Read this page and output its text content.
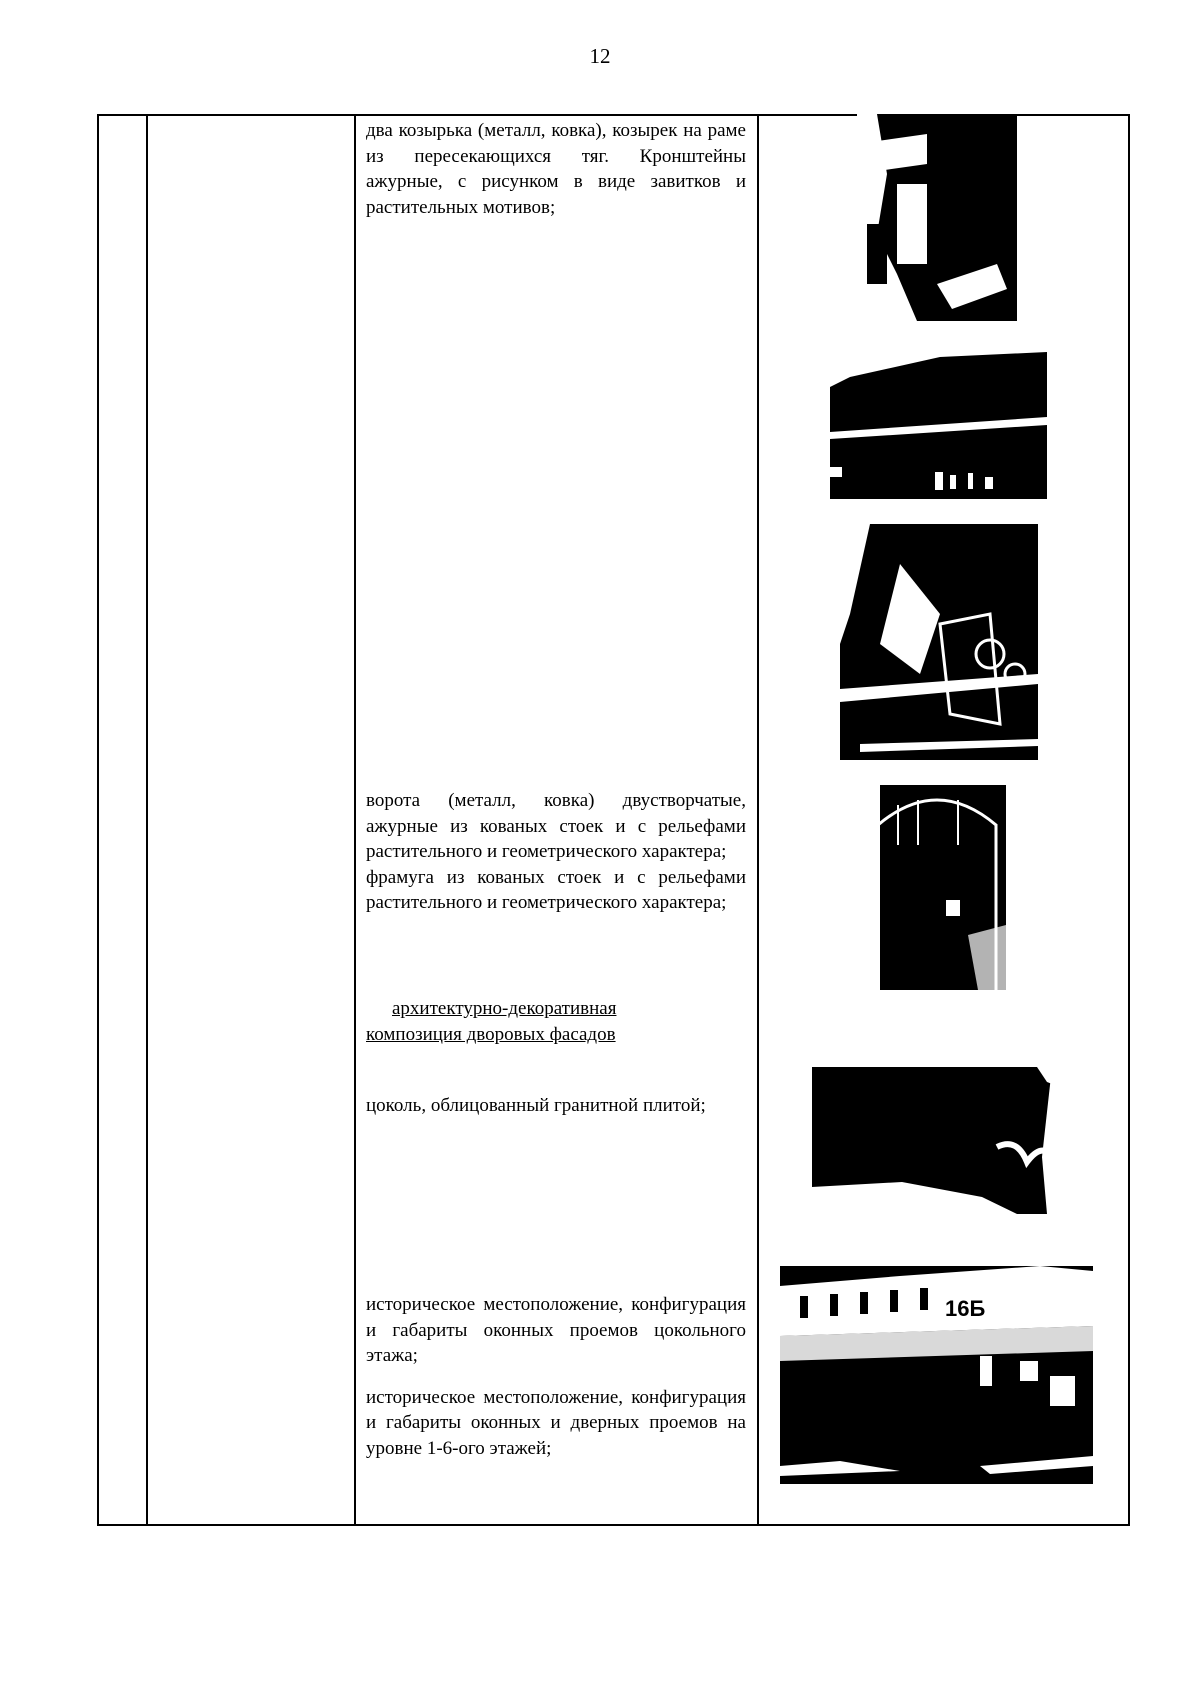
12

два козырька (металл, ковка), козырек на раме из пересекающихся тяг. Кронштейны ажурные, с рисунком в виде завитков и растительных мотивов;

ворота (металл, ковка) двустворчатые, ажурные из кованых стоек и с рельефами растительного и геометрического характера;

фрамуга из кованых стоек и с рельефами растительного и геометрического характера;

архитектурно-декоративная композиция дворовых фасадов

цоколь, облицованный гранитной плитой;

историческое местоположение, конфигурация и габариты оконных проемов цокольного этажа;

историческое местоположение, конфигурация и габариты оконных и дверных проемов на уровне 1-6-ого этажей;

16Б
